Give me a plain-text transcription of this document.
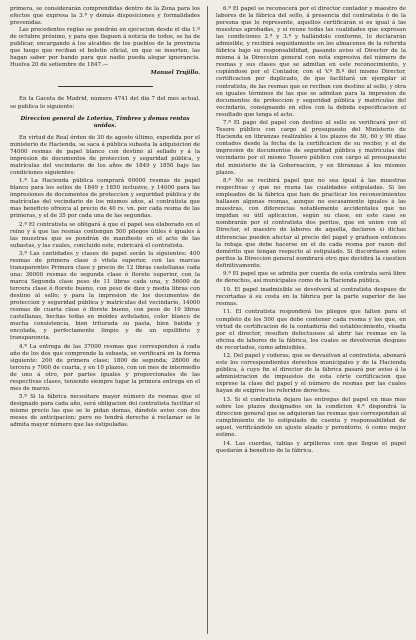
primera, se considerarán comprendidas dentro de la Zona para los efectos que expresa la 3.ª y demás disposiciones y formalidades prevenidas.

Las precedentes reglas se pondrán en ejecucion desde el dia 1.º de octubre próximo, y para que lleguen á noticia de todos, se ha de publicar, encargando á los alcaldes de los pueblos de la provincia que luego que reciban el boletin oficial, en que se inserten, las hagan saber por bando para que nadie pueda alegar ignorancia. Huelva 20 de setiembre de 1847.—

Manuel Trujillo.

En la Gaceta de Madrid, número 4741 del dia 7 del mes actual, se publica lo siguiente:

Direccion general de Loterías, Timbres y demas rentas unidas.

En virtud de Real órden de 30 de agosto último, expedida por el ministerio de Hacienda, se saca á pública subasta la adquisicion de 74000 resmas de papel blanco con destino al sellado y á la impresion de documentos de proteccion y seguridad pública, y matrículas del vecindario de los años de 1849 y 1850 bajo las condiciones siguientes:

1.ª La Hacienda pública comprará 60000 resmas de papel blanco para los sellos de 1849 y 1850 inclusive, y 14000 para las impresiones de documentos de proteccion y seguridad pública y de matrículas del vecindario de los mismos años, al contratista que mas beneficio ofrezca al precio de 40 rs. vn. por cada resma de las primeras, y el de 35 por cada una de las segundas.

2.ª El contratista se obligará á que el papel sea elaborado en el reino y á que las resmas contengan 500 pliegos útiles é iguales á las muestras que se pondrán de manifiesto en el acto de las subastas, y las cuales, concluido este, rubricará el contratista.

3.ª Las cantidades y clases de papel serán la siguientes: 400 resmas de primera clase ó vitela superior, con las marcas transparentes Primera clase y precio de 12 libras castellanas cada una; 36000 resmas de segunda clase ó florete superior, con la marca Segunda clase peso de 11 libras cada una, y 56000 de tercera clase ó florete bueno, con peso de diez y media libras con destino al sello; y para la impresion de los documentos de proteccion y seguridad pública y matrículas del vecindario, 14000 resmas de cuarta clase ó florete bueno, con peso de 10 libras castellanas, hechas todas en moldes avitelados, color blanco de mucha consistencia, bien triturada su pasta, bien batida y encolada, y perfectamente limpio y de un equilibrio y transparencia.

4.ª La entrega de las 37000 resmas que corresponden á cada año de los dos que comprende la subasta, se verificará en la forma siguiente: 200 de primera clase; 1800 de segunda; 28000 de tercera y 7000 de cuarta, y en 10 plazos, con un mes de intermedio de uno á otro, por partes iguales y proporcionales de las respectivas clases, teniendo siempre lugar la primera entrega en el mes de marzo.

5.ª Si la fábrica necesitare mayor número de resmas que el designado para cada año, será obligacion del contratista facilitar el mismo precio las que se le pidan demas, dándole aviso con dos meses de anticipacion; pero no tendrá derecho á reclamar se le admita mayor número que las estipuladas.

6.ª El papel se reconocerá por el director contador y maestro de labores de la fábrica del sello, á presencia del contratista ó de la persona que lo represente, aquellos certificarán si es igual á las muestras aprobadas, y si reune todas las cualidades que expresan las condiciones 2.ª y 3.ª y hallándolo conforme, lo declararán admisible, y recibirá seguidamente en los almacenes de la referida fábrica bajo su responsabilidad, pasando aviso el Director de la misma á la Direccion general con nota expresiva del número de resmas y sus clases que se admitan en este reconocimiento, y copiándose por el Contador, con el V.º B.º del mismo Director, certificacion por duplicado, de que facilitará un ejemplar al contratista, de las resmas que se reciban con destino al sello, y otra en iguales términos de las que se admitan para la impresion de documentos de proteccion y seguridad pública y matrículas del vecindario, consignando en ellos con la debida especificacion el resultado que tenga el acto.

7.ª El pago del papel con destino al sello se verificará por el Tesoro público con cargo al presupuesto del Ministerio de Hacienda en libranzas realizables á los plazos de 30, 60 y 90 días contados desde la fecha de la certificacion de su recibo; y el de impresion de documentos de seguridad pública y matrículas del vecindario por el mismo Tesoro público con cargo al presupuesto del ministerio de la Gobernacion, y en libranzas á los mismos plazos.

8.ª No se recibirá papel que no sea igual á las muestras respectivas y que no reuna las cualidades estipuladas. Si los empleados de la fábrica que han de practicar los reconocimientos hallasen algunas resmas, aunque no escasamente iguales á las muestras, con diferencias notablemente accidentales que no impidan su útil aplicacion, según su clase, en este caso se nombrarán por el contratista dos peritos, que en union con el Director, el maestro de labores de aquella, declaren si dichas diferencias pueden afectar al precio del papel y graduen entonces la rebaja que debe hacerse en el de cada resma por razon del demérito que tengan respecto al estipulado. Si discordasen estos peritos la Direccion general nombrará otro que decidirá la cuestion definitivamente.

9.ª El papel que se admita por cuenta de esta contrata será libre de derechos, así municipales como de la Hacienda pública.

10. El papel inadmisible se devolverá al contratista despues de recortadas á su costa en la fábrica por la parte superior de las resmas.

11. El contratista responderá los pliegos que falten para el completo de los 500 que debe contener cada resma y los que, en virtud de certificacion de la contaduría del establecimiento, visada por el director, resulten defectuosos al abrir las resmas en la oficina de labores de la fábrica, los cuales se devolverán despues de recortados, como admisibles.

12. Del papel y coderas, que se devuelvan al contratista, abonará este los correspondientes derechos municipales y de la Hacienda pública, á cuyo fin el director de la fábrica pasará por aviso á la administracion de impuestos de esta córte certificacion que exprese la clase del papel y el número de resmas por las cuales hayan de exigirse los referidos derechos.

13. Si el contratista dejare las entregas del papel en mas mas sobre los plazos designados en la condicion 4.ª dispondrá la direccion general que se adquieran las resmas que correspondan al cumplimiento de lo estipulado de cuenta y responsabilidad de aquel, verificándolo en ajuste alzado y perentorio, ó como mejor estime.

14. Las cuerdas, tablas y arpilleras con que llegue el papel quedarán á beneficio de la fábrica.
